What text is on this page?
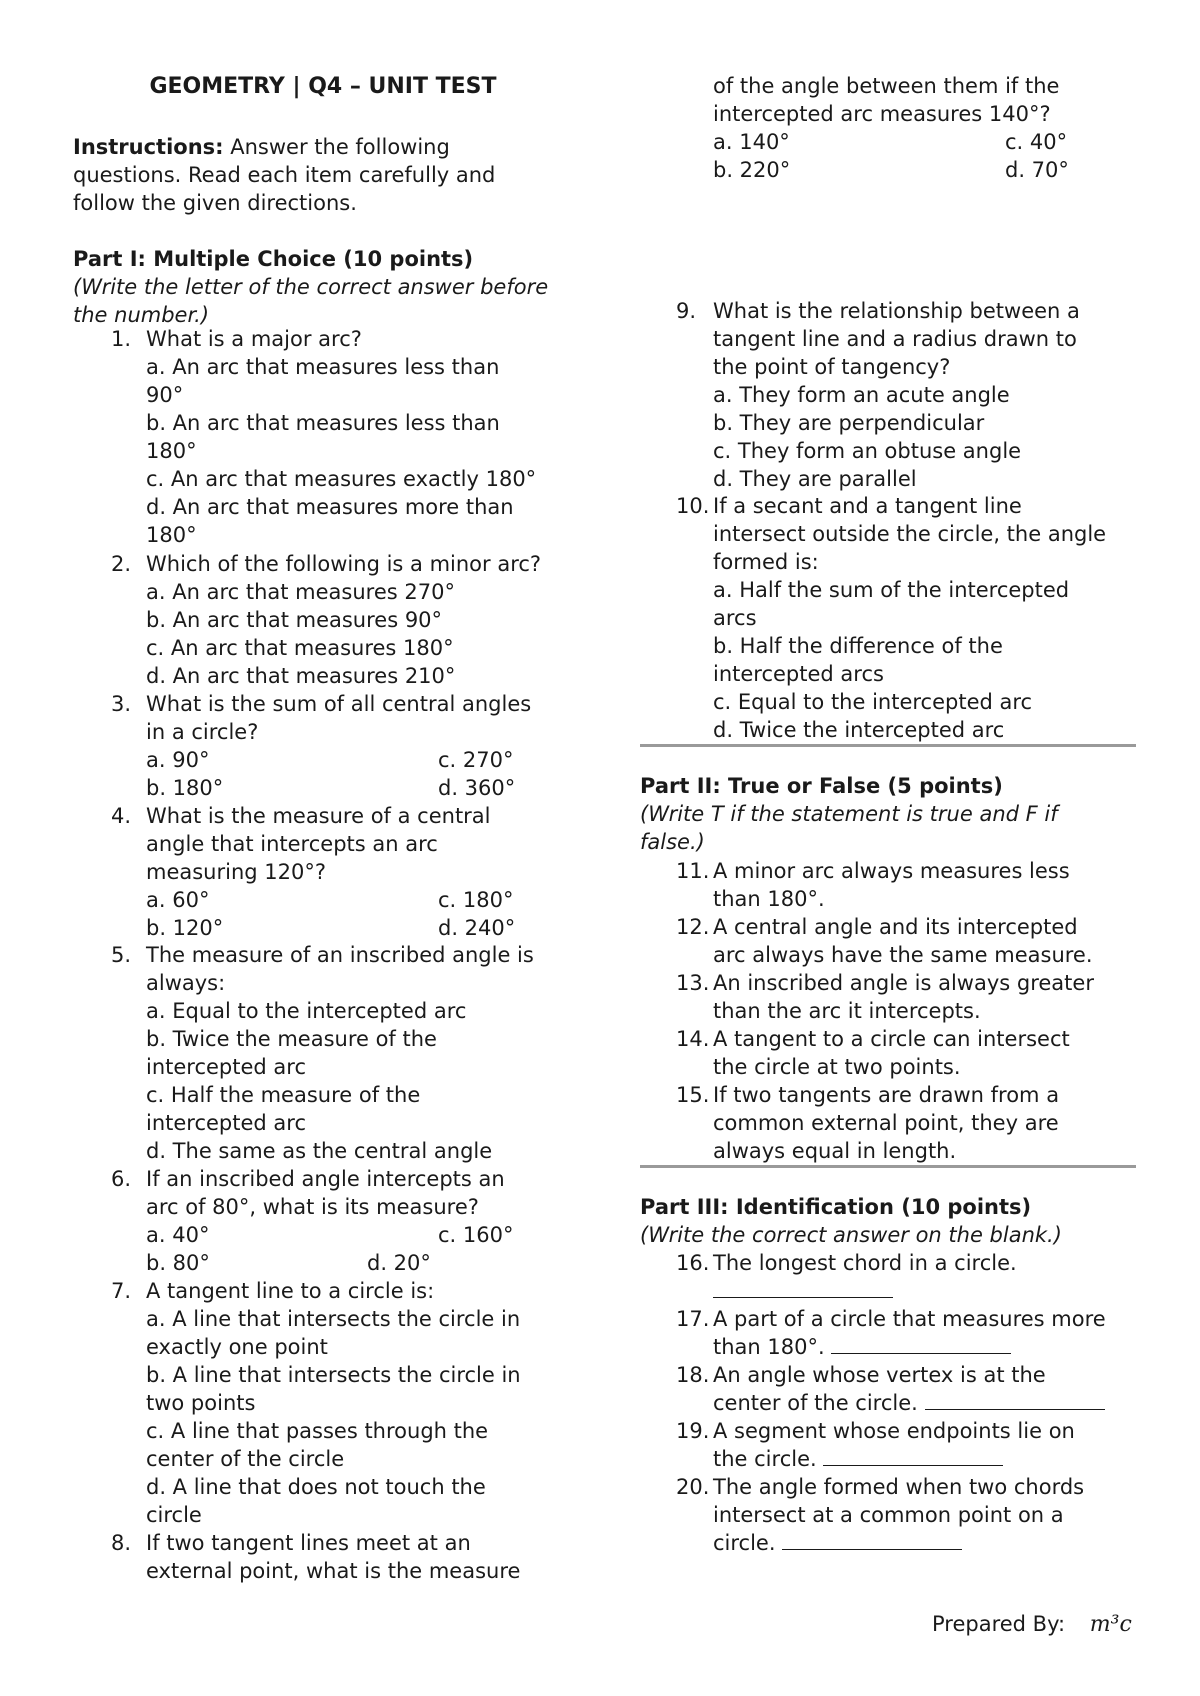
GEOMETRY | Q4 – UNIT TEST
Instructions: Answer the following
questions. Read each item carefully and
follow the given directions.
Part I: Multiple Choice (10 points)
(Write the letter of the correct answer before
the number.)
1. What is a major arc?
a. An arc that measures less than
90°
b. An arc that measures less than
180°
c. An arc that measures exactly 180°
d. An arc that measures more than
180°
2. Which of the following is a minor arc?
a. An arc that measures 270°
b. An arc that measures 90°
c. An arc that measures 180°
d. An arc that measures 210°
3. What is the sum of all central angles
in a circle?
a. 90°	c. 270°
b. 180°	d. 360°
4. What is the measure of a central
angle that intercepts an arc
measuring 120°?
a. 60°	c. 180°
b. 120°	d. 240°
5. The measure of an inscribed angle is
always:
a. Equal to the intercepted arc
b. Twice the measure of the
intercepted arc
c. Half the measure of the
intercepted arc
d. The same as the central angle
6. If an inscribed angle intercepts an
arc of 80°, what is its measure?
a. 40°	c. 160°
b. 80°	d. 20°
7. A tangent line to a circle is:
a. A line that intersects the circle in
exactly one point
b. A line that intersects the circle in
two points
c. A line that passes through the
center of the circle
d. A line that does not touch the
circle
8. If two tangent lines meet at an
external point, what is the measure
of the angle between them if the
intercepted arc measures 140°?
a. 140°	c. 40°
b. 220°	d. 70°
9. What is the relationship between a
tangent line and a radius drawn to
the point of tangency?
a. They form an acute angle
b. They are perpendicular
c. They form an obtuse angle
d. They are parallel
10. If a secant and a tangent line
intersect outside the circle, the angle
formed is:
a. Half the sum of the intercepted
arcs
b. Half the difference of the
intercepted arcs
c. Equal to the intercepted arc
d. Twice the intercepted arc
Part II: True or False (5 points)
(Write T if the statement is true and F if
false.)
11. A minor arc always measures less
than 180°.
12. A central angle and its intercepted
arc always have the same measure.
13. An inscribed angle is always greater
than the arc it intercepts.
14. A tangent to a circle can intersect
the circle at two points.
15. If two tangents are drawn from a
common external point, they are
always equal in length.
Part III: Identification (10 points)
(Write the correct answer on the blank.)
16. The longest chord in a circle.
17. A part of a circle that measures more
than 180°.
18. An angle whose vertex is at the
center of the circle.
19. A segment whose endpoints lie on
the circle.
20. The angle formed when two chords
intersect at a common point on a
circle.
Prepared By: m³c
